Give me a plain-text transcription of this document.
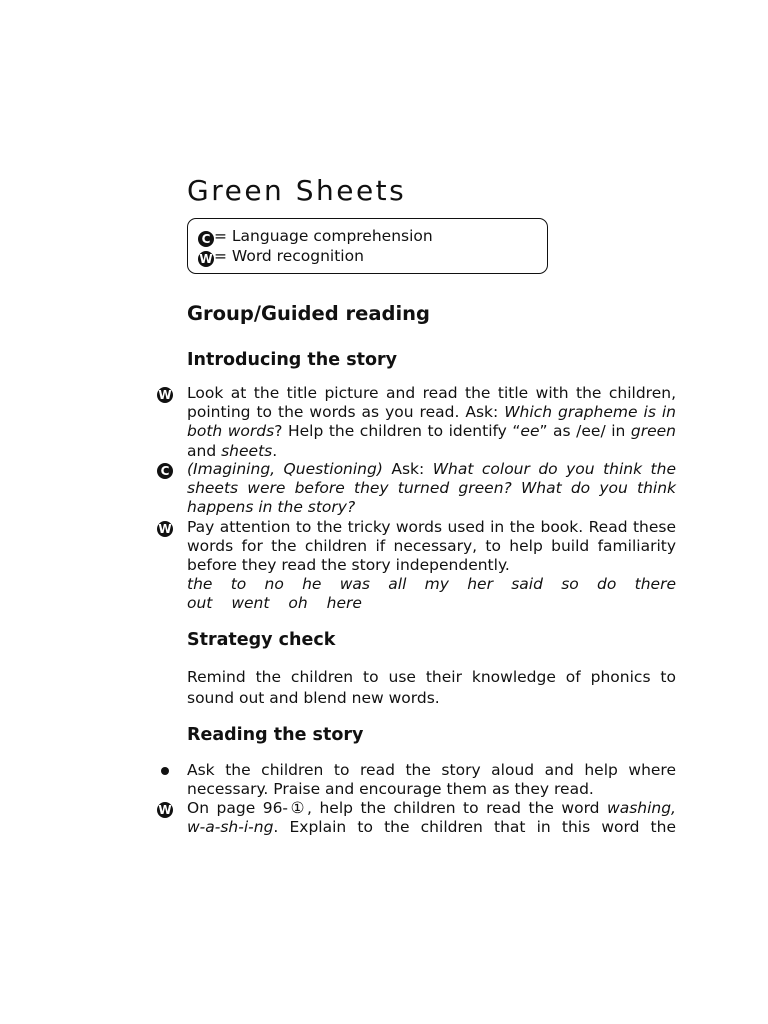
Green Sheets
C = Language comprehension
W= Word recognition
Group/Guided reading
Introducing the story
W Look at the title picture and read the title with the children,
pointing to the words as you read. Ask: Which grapheme is in
both words? Help the children to identify “ee” as /ee/ in green
and sheets.
C (Imagining, Questioning) Ask: What colour do you think the
sheets were before they turned green? What do you think
happens in the story?
W Pay attention to the tricky words used in the book. Read these
words for the children if necessary, to help build familiarity
before they read the story independently.
the to no he was all my her said so do there
out went oh here
Strategy check
Remind the children to use their knowledge of phonics to
sound out and blend new words.
Reading the story
Ask the children to read the story aloud and help where
necessary. Praise and encourage them as they read.
W On page 96-①, help the children to read the word washing,
w-a-sh-i-ng. Explain to the children that in this word the
